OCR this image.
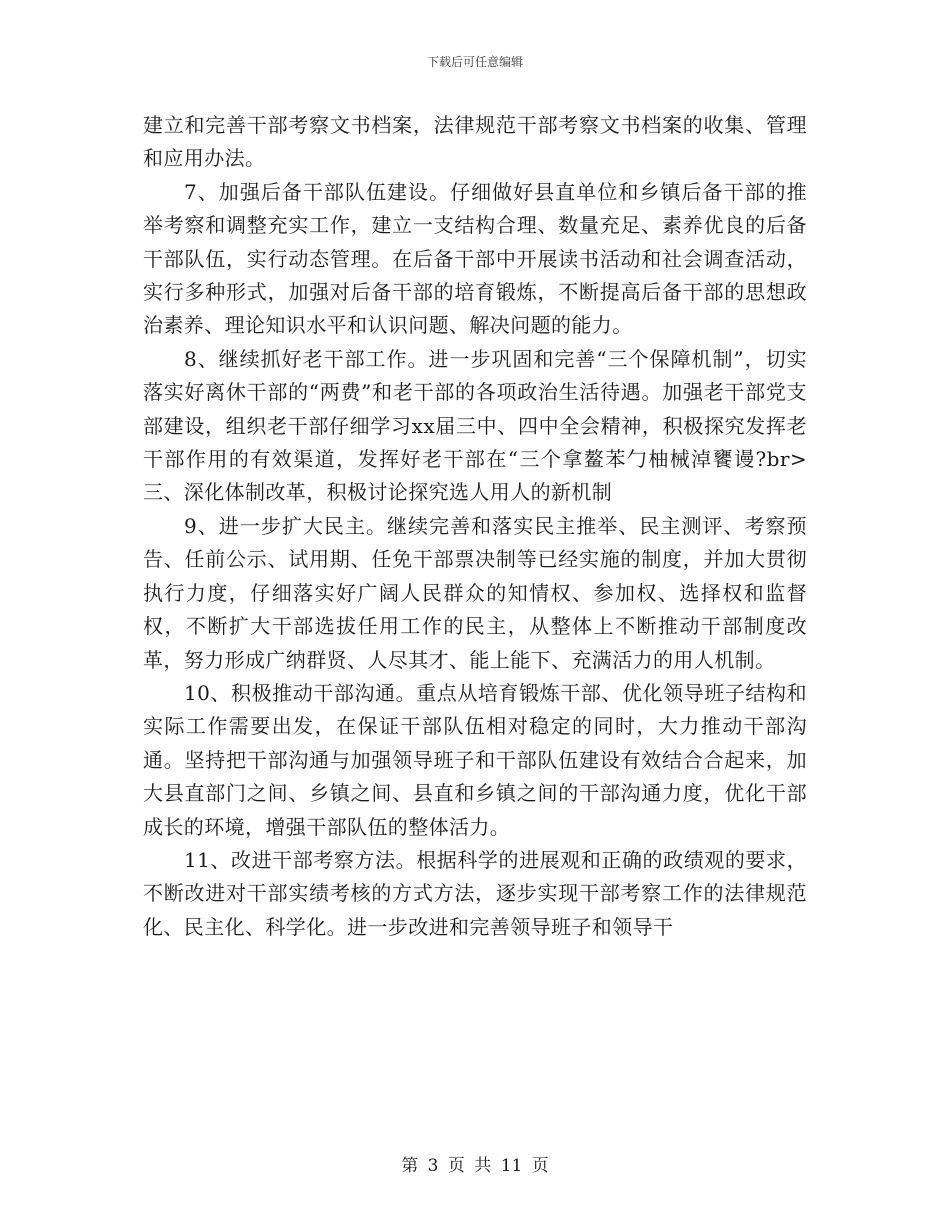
下载后可任意编辑

建立和完善干部考察文书档案，法律规范干部考察文书档案的收集、管理和应用办法。

7、加强后备干部队伍建设。仔细做好县直单位和乡镇后备干部的推举考察和调整充实工作，建立一支结构合理、数量充足、素养优良的后备干部队伍，实行动态管理。在后备干部中开展读书活动和社会调查活动，实行多种形式，加强对后备干部的培育锻炼，不断提高后备干部的思想政治素养、理论知识水平和认识问题、解决问题的能力。

8、继续抓好老干部工作。进一步巩固和完善“三个保障机制”，切实落实好离休干部的“两费”和老干部的各项政治生活待遇。加强老干部党支部建设，组织老干部仔细学习xx届三中、四中全会精神，积极探究发挥老干部作用的有效渠道，发挥好老干部在“三个拿鳌苯勹柚械淖饔谩?br>三、深化体制改革，积极讨论探究选人用人的新机制

9、进一步扩大民主。继续完善和落实民主推举、民主测评、考察预告、任前公示、试用期、任免干部票决制等已经实施的制度，并加大贯彻执行力度，仔细落实好广阔人民群众的知情权、参加权、选择权和监督权，不断扩大干部选拔任用工作的民主，从整体上不断推动干部制度改革，努力形成广纳群贤、人尽其才、能上能下、充满活力的用人机制。

10、积极推动干部沟通。重点从培育锻炼干部、优化领导班子结构和实际工作需要出发，在保证干部队伍相对稳定的同时，大力推动干部沟通。坚持把干部沟通与加强领导班子和干部队伍建设有效结合合起来，加大县直部门之间、乡镇之间、县直和乡镇之间的干部沟通力度，优化干部成长的环境，增强干部队伍的整体活力。

11、改进干部考察方法。根据科学的进展观和正确的政绩观的要求，不断改进对干部实绩考核的方式方法，逐步实现干部考察工作的法律规范化、民主化、科学化。进一步改进和完善领导班子和领导干

第 3 页 共 11 页
